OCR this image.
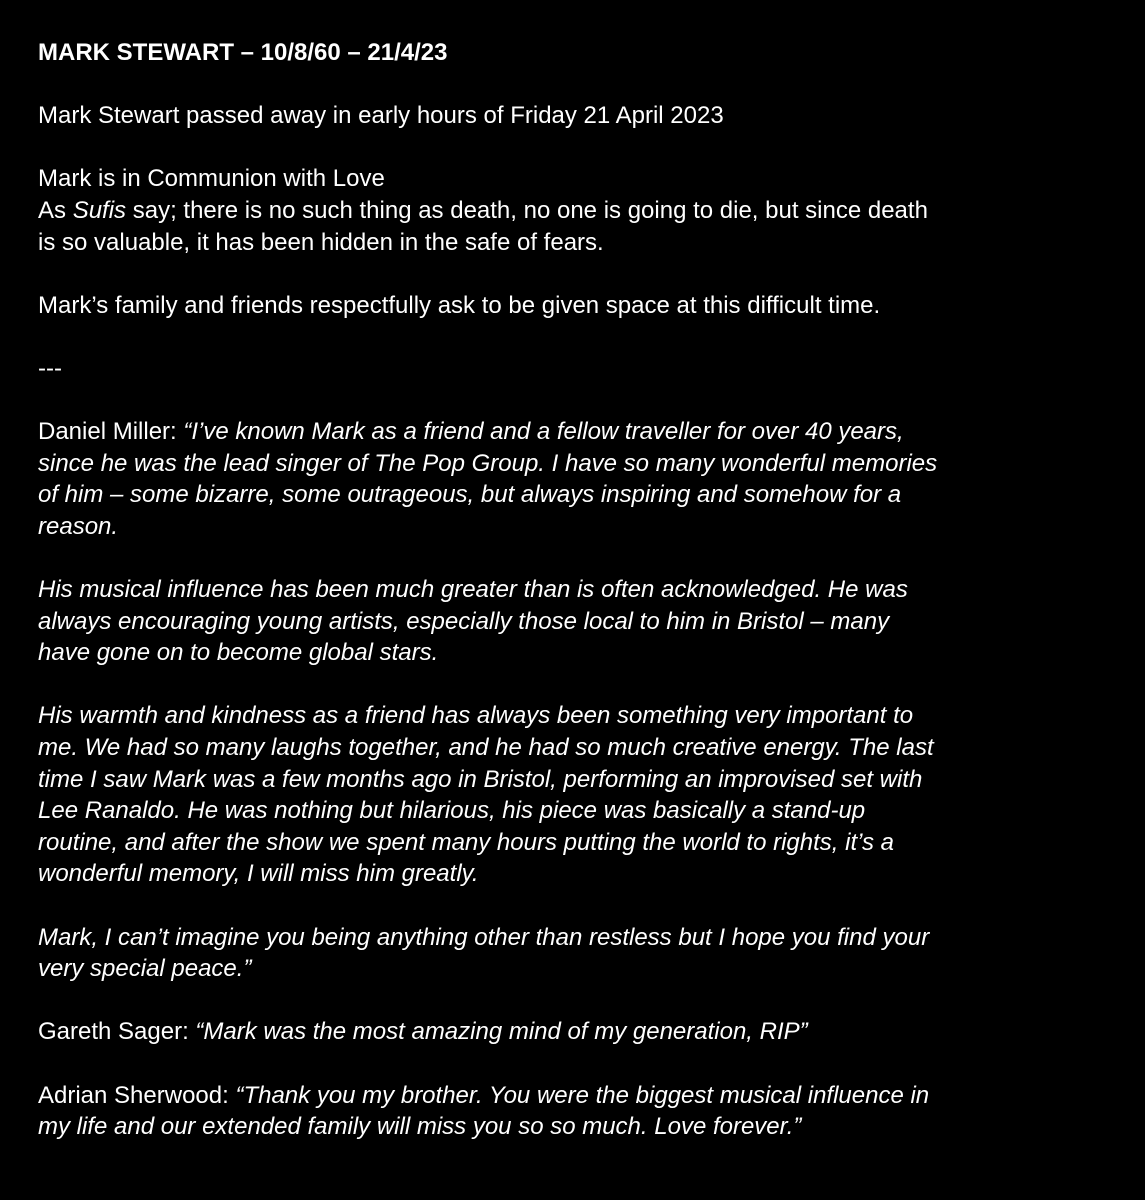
MARK STEWART – 10/8/60 – 21/4/23

Mark Stewart passed away in early hours of Friday 21 April 2023

Mark is in Communion with Love

As Sufis say; there is no such thing as death, no one is going to die, but since death
is so valuable, it has been hidden in the safe of fears.

Mark’s family and friends respectfully ask to be given space at this difficult time.

---

Daniel Miller: “I’ve known Mark as a friend and a fellow traveller for over 40 years,
since he was the lead singer of The Pop Group. I have so many wonderful memories
of him – some bizarre, some outrageous, but always inspiring and somehow for a
reason.

His musical influence has been much greater than is often acknowledged. He was
always encouraging young artists, especially those local to him in Bristol – many
have gone on to become global stars.

His warmth and kindness as a friend has always been something very important to
me. We had so many laughs together, and he had so much creative energy. The last
time I saw Mark was a few months ago in Bristol, performing an improvised set with
Lee Ranaldo. He was nothing but hilarious, his piece was basically a stand-up
routine, and after the show we spent many hours putting the world to rights, it’s a
wonderful memory, I will miss him greatly.

Mark, I can’t imagine you being anything other than restless but I hope you find your
very special peace.”

Gareth Sager: “Mark was the most amazing mind of my generation, RIP”

Adrian Sherwood: “Thank you my brother. You were the biggest musical influence in
my life and our extended family will miss you so so much. Love forever.”
